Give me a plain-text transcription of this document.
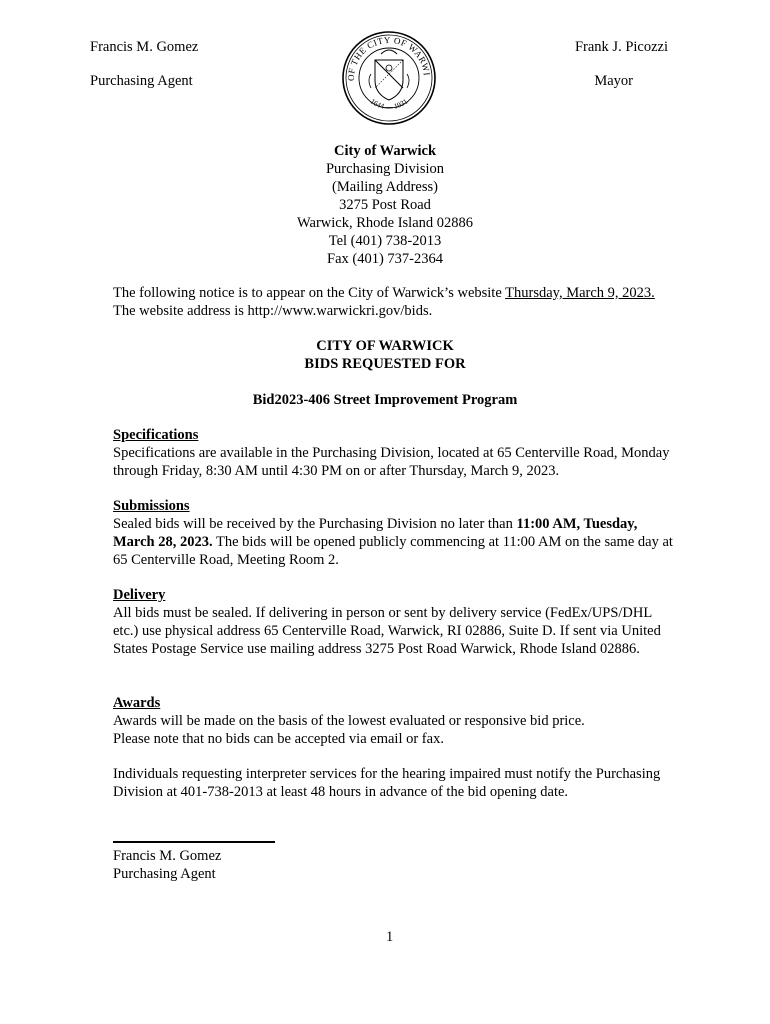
Francis M. Gomez
Purchasing Agent
Frank J. Picozzi
Mayor
OF THE CITY OF WARWI
1644 — 1931
City of Warwick
Purchasing Division
(Mailing Address)
3275 Post Road
Warwick, Rhode Island 02886
Tel (401) 738-2013
Fax (401) 737-2364

The following notice is to appear on the City of Warwick’s website Thursday, March 9, 2023. The website address is http://www.warwickri.gov/bids.

CITY OF WARWICK
BIDS REQUESTED FOR
Bid2023-406 Street Improvement Program
Specifications

Specifications are available in the Purchasing Division, located at 65 Centerville Road, Monday through Friday, 8:30 AM until 4:30 PM on or after Thursday, March 9, 2023.

Submissions

Sealed bids will be received by the Purchasing Division no later than 11:00 AM, Tuesday, March 28, 2023. The bids will be opened publicly commencing at 11:00 AM on the same day at 65 Centerville Road, Meeting Room 2.

Delivery

All bids must be sealed. If delivering in person or sent by delivery service (FedEx/UPS/DHL etc.) use physical address 65 Centerville Road, Warwick, RI 02886, Suite D. If sent via United States Postage Service use mailing address 3275 Post Road Warwick, Rhode Island 02886.

Awards
Awards will be made on the basis of the lowest evaluated or responsive bid price.
Please note that no bids can be accepted via email or fax.

Individuals requesting interpreter services for the hearing impaired must notify the Purchasing Division at 401-738-2013 at least 48 hours in advance of the bid opening date.

Francis M. Gomez
Purchasing Agent
1
